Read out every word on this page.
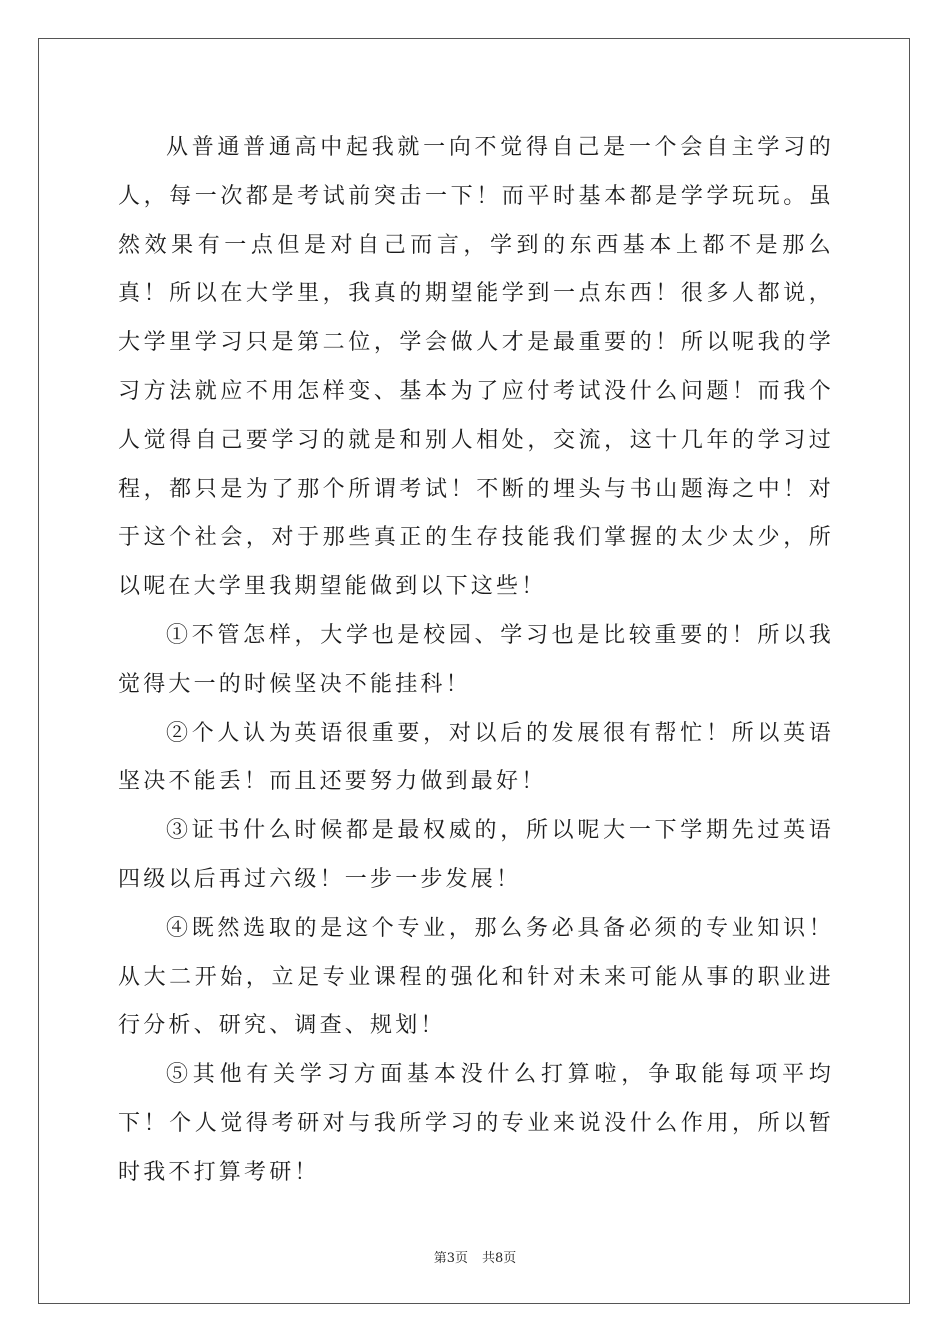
从普通普通高中起我就一向不觉得自己是一个会自主学习的人，每一次都是考试前突击一下！而平时基本都是学学玩玩。虽然效果有一点但是对自己而言，学到的东西基本上都不是那么真！所以在大学里，我真的期望能学到一点东西！很多人都说，大学里学习只是第二位，学会做人才是最重要的！所以呢我的学习方法就应不用怎样变、基本为了应付考试没什么问题！而我个人觉得自己要学习的就是和别人相处，交流，这十几年的学习过程，都只是为了那个所谓考试！不断的埋头与书山题海之中！对于这个社会，对于那些真正的生存技能我们掌握的太少太少，所以呢在大学里我期望能做到以下这些！

①不管怎样，大学也是校园、学习也是比较重要的！所以我觉得大一的时候坚决不能挂科！

②个人认为英语很重要，对以后的发展很有帮忙！所以英语坚决不能丢！而且还要努力做到最好！

③证书什么时候都是最权威的，所以呢大一下学期先过英语四级以后再过六级！一步一步发展！

④既然选取的是这个专业，那么务必具备必须的专业知识！从大二开始，立足专业课程的强化和针对未来可能从事的职业进行分析、研究、调查、规划！

⑤其他有关学习方面基本没什么打算啦，争取能每项平均下！个人觉得考研对与我所学习的专业来说没什么作用，所以暂时我不打算考研！

第3页 共8页
